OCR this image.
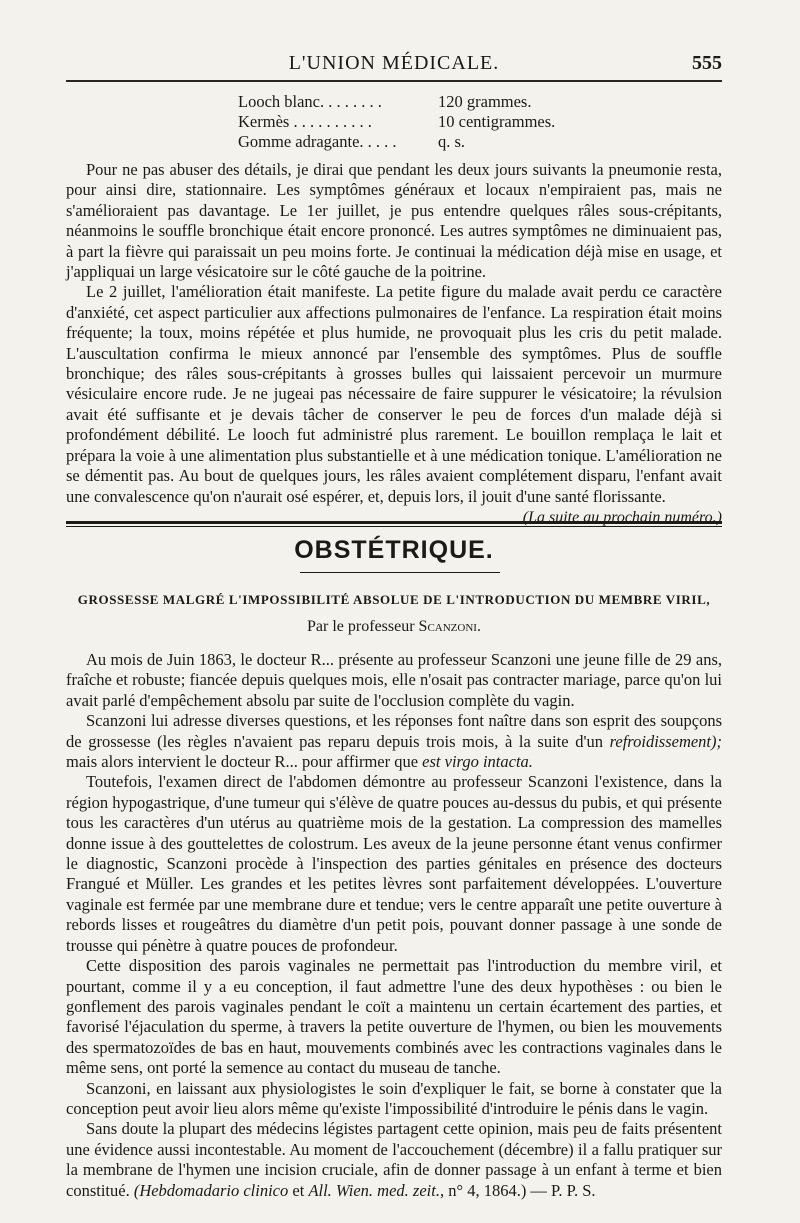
L'UNION MÉDICALE.	555
Looch blanc. . . . . . . .	120 grammes.
Kermès . . . . . . . . . .	10 centigrammes.
Gomme adragante. . . . .	q. s.

Pour ne pas abuser des détails, je dirai que pendant les deux jours suivants la pneumonie resta, pour ainsi dire, stationnaire. Les symptômes généraux et locaux n'empiraient pas, mais ne s'amélioraient pas davantage. Le 1er juillet, je pus entendre quelques râles sous-crépitants, néanmoins le souffle bronchique était encore prononcé. Les autres symptômes ne diminuaient pas, à part la fièvre qui paraissait un peu moins forte. Je continuai la médication déjà mise en usage, et j'appliquai un large vésicatoire sur le côté gauche de la poitrine.

Le 2 juillet, l'amélioration était manifeste. La petite figure du malade avait perdu ce caractère d'anxiété, cet aspect particulier aux affections pulmonaires de l'enfance. La respiration était moins fréquente; la toux, moins répétée et plus humide, ne provoquait plus les cris du petit malade. L'auscultation confirma le mieux annoncé par l'ensemble des symptômes. Plus de souffle bronchique; des râles sous-crépitants à grosses bulles qui laissaient percevoir un murmure vésiculaire encore rude. Je ne jugeai pas nécessaire de faire suppurer le vésicatoire; la révulsion avait été suffisante et je devais tâcher de conserver le peu de forces d'un malade déjà si profondément débilité. Le looch fut administré plus rarement. Le bouillon remplaça le lait et prépara la voie à une alimentation plus substantielle et à une médication tonique. L'amélioration ne se démentit pas. Au bout de quelques jours, les râles avaient complétement disparu, l'enfant avait une convalescence qu'on n'aurait osé espérer, et, depuis lors, il jouit d'une santé florissante.

(La suite au prochain numéro.)
OBSTÉTRIQUE.
GROSSESSE MALGRÉ L'IMPOSSIBILITÉ ABSOLUE DE L'INTRODUCTION DU MEMBRE VIRIL,
Par le professeur Scanzoni.

Au mois de Juin 1863, le docteur R... présente au professeur Scanzoni une jeune fille de 29 ans, fraîche et robuste; fiancée depuis quelques mois, elle n'osait pas contracter mariage, parce qu'on lui avait parlé d'empêchement absolu par suite de l'occlusion complète du vagin.

Scanzoni lui adresse diverses questions, et les réponses font naître dans son esprit des soupçons de grossesse (les règles n'avaient pas reparu depuis trois mois, à la suite d'un refroidissement); mais alors intervient le docteur R... pour affirmer que est virgo intacta.

Toutefois, l'examen direct de l'abdomen démontre au professeur Scanzoni l'existence, dans la région hypogastrique, d'une tumeur qui s'élève de quatre pouces au-dessus du pubis, et qui présente tous les caractères d'un utérus au quatrième mois de la gestation. La compression des mamelles donne issue à des gouttelettes de colostrum. Les aveux de la jeune personne étant venus confirmer le diagnostic, Scanzoni procède à l'inspection des parties génitales en présence des docteurs Frangué et Müller. Les grandes et les petites lèvres sont parfaitement développées. L'ouverture vaginale est fermée par une membrane dure et tendue; vers le centre apparaît une petite ouverture à rebords lisses et rougeâtres du diamètre d'un petit pois, pouvant donner passage à une sonde de trousse qui pénètre à quatre pouces de profondeur.

Cette disposition des parois vaginales ne permettait pas l'introduction du membre viril, et pourtant, comme il y a eu conception, il faut admettre l'une des deux hypothèses : ou bien le gonflement des parois vaginales pendant le coït a maintenu un certain écartement des parties, et favorisé l'éjaculation du sperme, à travers la petite ouverture de l'hymen, ou bien les mouvements des spermatozoïdes de bas en haut, mouvements combinés avec les contractions vaginales dans le même sens, ont porté la semence au contact du museau de tanche.

Scanzoni, en laissant aux physiologistes le soin d'expliquer le fait, se borne à constater que la conception peut avoir lieu alors même qu'existe l'impossibilité d'introduire le pénis dans le vagin.

Sans doute la plupart des médecins légistes partagent cette opinion, mais peu de faits présentent une évidence aussi incontestable. Au moment de l'accouchement (décembre) il a fallu pratiquer sur la membrane de l'hymen une incision cruciale, afin de donner passage à un enfant à terme et bien constitué. (Hebdomadario clinico et All. Wien. med. zeit., n° 4, 1864.) — P. P. S.
